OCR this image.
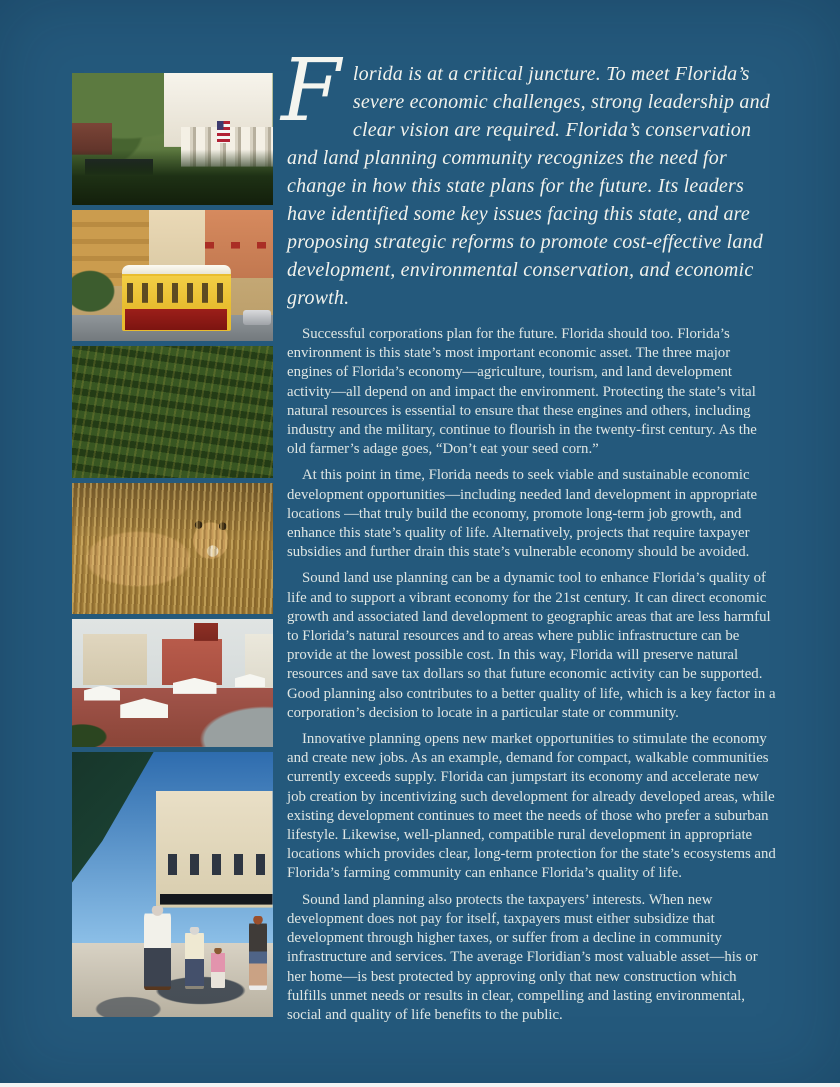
Florida is at a critical juncture. To meet Florida’s severe economic challenges, strong leadership and clear vision are required. Florida’s conservation and land planning community recognizes the need for change in how this state plans for the future. Its leaders have identified some key issues facing this state, and are proposing strategic reforms to promote cost-effective land development, environmental conservation, and economic growth.

Successful corporations plan for the future. Florida should too. Florida’s environment is this state’s most important economic asset. The three major engines of Florida’s economy—agriculture, tourism, and land development activity—all depend on and impact the environment. Protecting the state’s vital natural resources is essential to ensure that these engines and others, including industry and the military, continue to flourish in the twenty-first century. As the old farmer’s adage goes, “Don’t eat your seed corn.”

At this point in time, Florida needs to seek viable and sustainable economic development opportunities—including needed land development in appropriate locations —that truly build the economy, promote long-term job growth, and enhance this state’s quality of life. Alternatively, projects that require taxpayer subsidies and further drain this state’s vulnerable economy should be avoided.

Sound land use planning can be a dynamic tool to enhance Florida’s quality of life and to support a vibrant economy for the 21st century. It can direct economic growth and associated land development to geographic areas that are less harmful to Florida’s natural resources and to areas where public infrastructure can be provide at the lowest possible cost. In this way, Florida will preserve natural resources and save tax dollars so that future economic activity can be supported. Good planning also contributes to a better quality of life, which is a key factor in a corporation’s decision to locate in a particular state or community.

Innovative planning opens new market opportunities to stimulate the economy and create new jobs. As an example, demand for compact, walkable communities currently exceeds supply. Florida can jumpstart its economy and accelerate new job creation by incentivizing such development for already developed areas, while existing development continues to meet the needs of those who prefer a suburban lifestyle. Likewise, well-planned, compatible rural development in appropriate locations which provides clear, long-term protection for the state’s ecosystems and Florida’s farming community can enhance Florida’s quality of life.

Sound land planning also protects the taxpayers’ interests. When new development does not pay for itself, taxpayers must either subsidize that development through higher taxes, or suffer from a decline in community infrastructure and services. The average Floridian’s most valuable asset—his or her home—is best protected by approving only that new construction which fulfills unmet needs or results in clear, compelling and lasting environmental, social and quality of life benefits to the public.
